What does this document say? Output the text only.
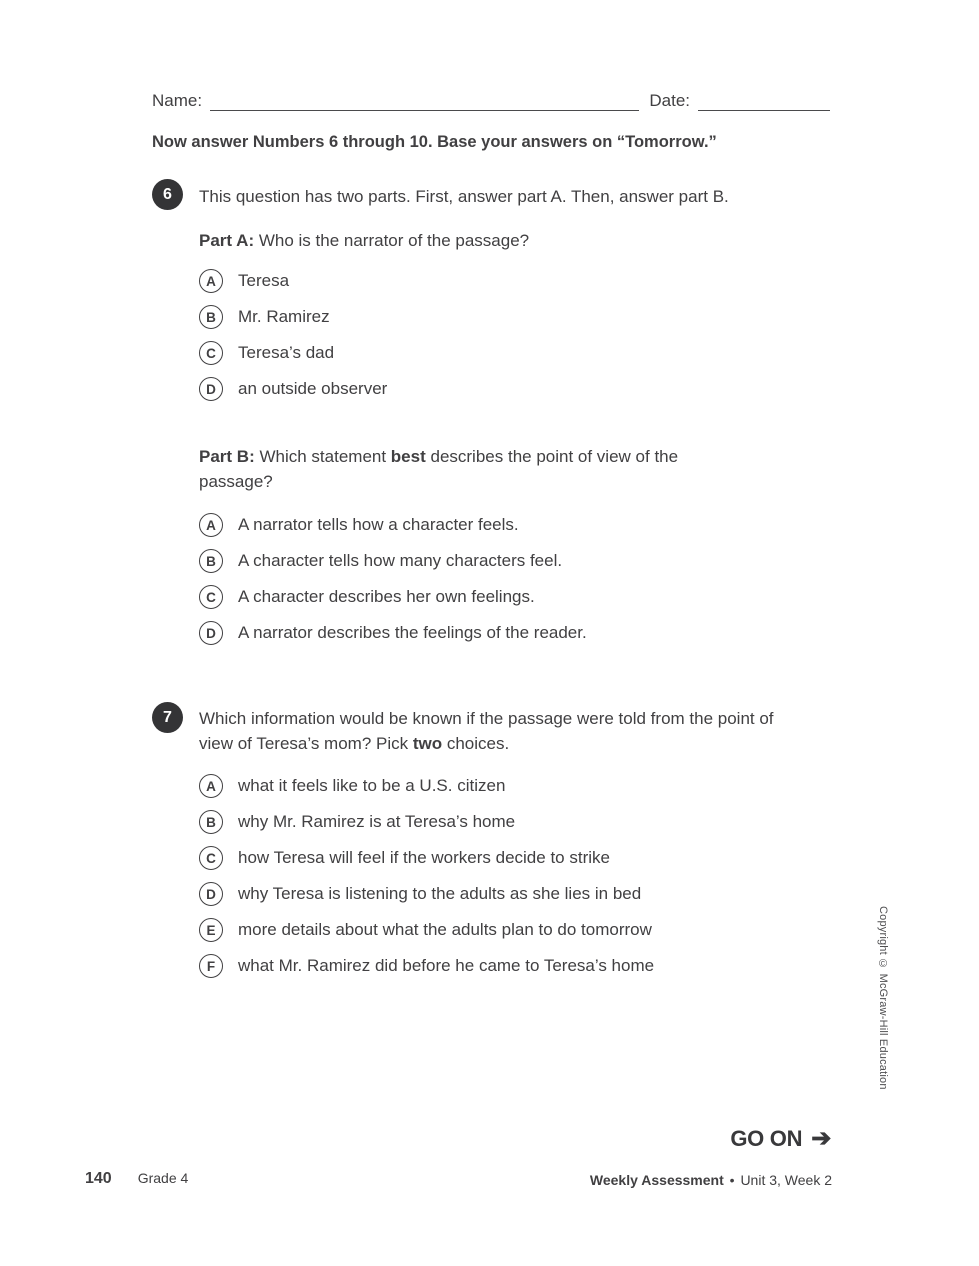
Name:	Date:
Now answer Numbers 6 through 10. Base your answers on “Tomorrow.”
6	This question has two parts. First, answer part A. Then, answer part B.
Part A: Who is the narrator of the passage?
A	Teresa
B	Mr. Ramirez
C	Teresa’s dad
D	an outside observer
Part B: Which statement best describes the point of view of the passage?
A	A narrator tells how a character feels.
B	A character tells how many characters feel.
C	A character describes her own feelings.
D	A narrator describes the feelings of the reader.
7	Which information would be known if the passage were told from the point of view of Teresa’s mom? Pick two choices.
A	what it feels like to be a U.S. citizen
B	why Mr. Ramirez is at Teresa’s home
C	how Teresa will feel if the workers decide to strike
D	why Teresa is listening to the adults as she lies in bed
E	more details about what the adults plan to do tomorrow
F	what Mr. Ramirez did before he came to Teresa’s home	Copyright © McGraw-Hill Education
GO ON ➔
140 Grade 4	Weekly Assessment • Unit 3, Week 2
